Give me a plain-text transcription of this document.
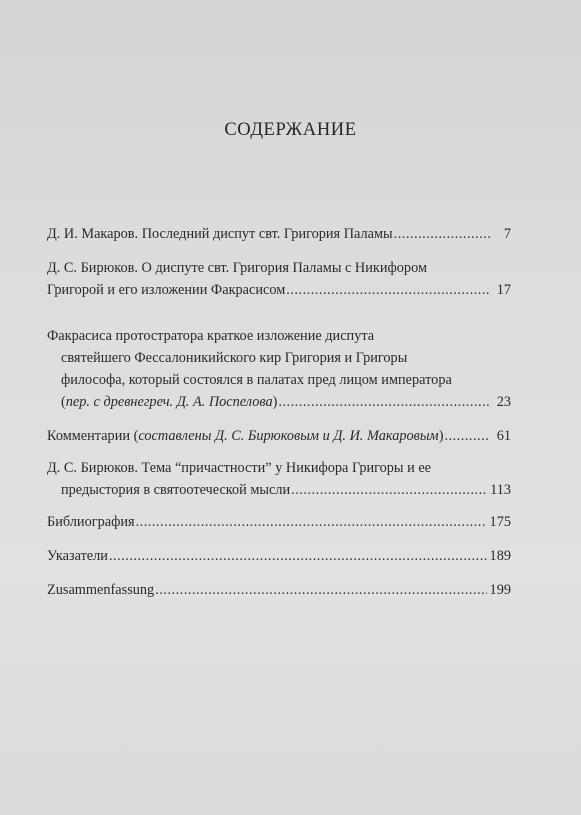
СОДЕРЖАНИЕ
Д. И. Макаров. Последний диспут свт. Григория Паламы .....	7
Д. С. Бирюков. О диспуте свт. Григория Паламы с Никифором
Григорой и его изложении Факрасисом .....	17
Факрасиса протостратора краткое изложение диспута
святейшего Фессалоникийского кир Григория и Григоры
философа, который состоялся в палатах пред лицом императора
(пер. с древнегреч. Д. А. Поспелова) .....	23
Комментарии (составлены Д. С. Бирюковым и Д. И. Макаровым) .....	61
Д. С. Бирюков. Тема “причастности” у Никифора Григоры и ее
предыстория в святоотеческой мысли .....	113
Библиография .....	175
Указатели .....	189
Zusammenfassung .....	199
